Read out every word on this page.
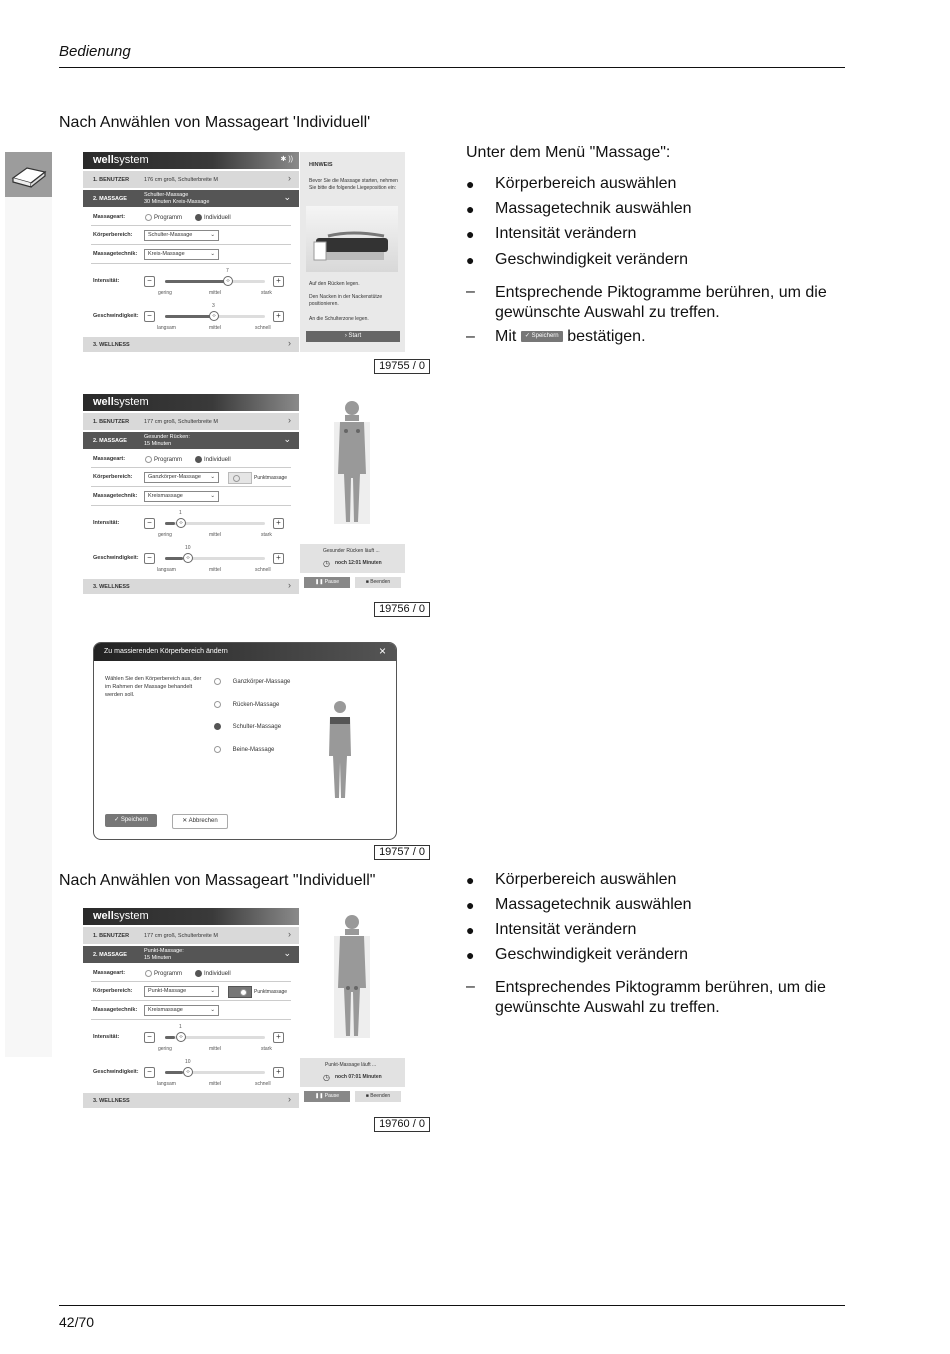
Bedienung
Nach Anwählen von Massageart 'Individuell'
wellsystem	✱ ))
1. BENUTZER	176 cm groß, Schulterbreite M	›
2. MASSAGE
Schulter-Massage
30 Minuten Kreis-Massage	⌄
Massageart:	Programm	Individuell
Körperbereich:	Schulter-Massage	⌄
Massagetechnik:	Kreis-Massage	⌄
Intensität:	−
7
‹›	+
gering	mittel	stark
Geschwindigkeit:	−
3
‹›	+
langsam	mittel	schnell
3. WELLNESS	›
HINWEIS
Bevor Sie die Massage starten, nehmen Sie bitte die folgende Liegeposition ein:
Auf den Rücken legen.
Den Nacken in der Nackenstütze positionieren.
An die Schulterzone legen.
› Start
19755 / 0
Unter dem Menü "Massage":
● Körperbereich auswählen
● Massagetechnik auswählen
● Intensität verändern
● Geschwindigkeit verändern
– Entsprechende Piktogramme berühren, um die gewünschte Auswahl zu treffen.
– Mit ✓ Speichern bestätigen.
wellsystem
1. BENUTZER	177 cm groß, Schulterbreite M	›
2. MASSAGE
Gesunder Rücken:
15 Minuten	⌄
Massageart:	Programm	Individuell
Körperbereich:	Ganzkörper-Massage ⌄	Punktmassage
Massagetechnik:	Kreismassage	⌄
Intensität:	−
1
‹›	+
gering	mittel	stark
Geschwindigkeit:	−
10
‹›	+
langsam	mittel	schnell
3. WELLNESS	›
Gesunder Rücken läuft ...
◷ noch 12:01 Minuten
❚❚ Pause	■ Beenden
19756 / 0
Zu massierenden Körperbereich ändern	×
Wählen Sie den Körperbereich aus, der im Rahmen der Massage behandelt werden soll.
Ganzkörper-Massage
Rücken-Massage
Schulter-Massage
Beine-Massage
✓ Speichern	✕ Abbrechen
19757 / 0
Nach Anwählen von Massageart "Individuell"
wellsystem
1. BENUTZER	177 cm groß, Schulterbreite M	›
2. MASSAGE
Punkt-Massage:
15 Minuten	⌄
Massageart:	Programm	Individuell
Körperbereich:	Punkt-Massage	⌄	Punktmassage
Massagetechnik:	Kreismassage	⌄
Intensität:	−
1
‹›	+
gering	mittel	stark
Geschwindigkeit:	−
10
‹›	+
langsam	mittel	schnell
3. WELLNESS	›
Punkt-Massage läuft ...
◷ noch 07:01 Minuten
❚❚ Pause	■ Beenden
19760 / 0
● Körperbereich auswählen
● Massagetechnik auswählen
● Intensität verändern
● Geschwindigkeit verändern
– Entsprechendes Piktogramm berühren, um die gewünschte Auswahl zu treffen.
42/70
